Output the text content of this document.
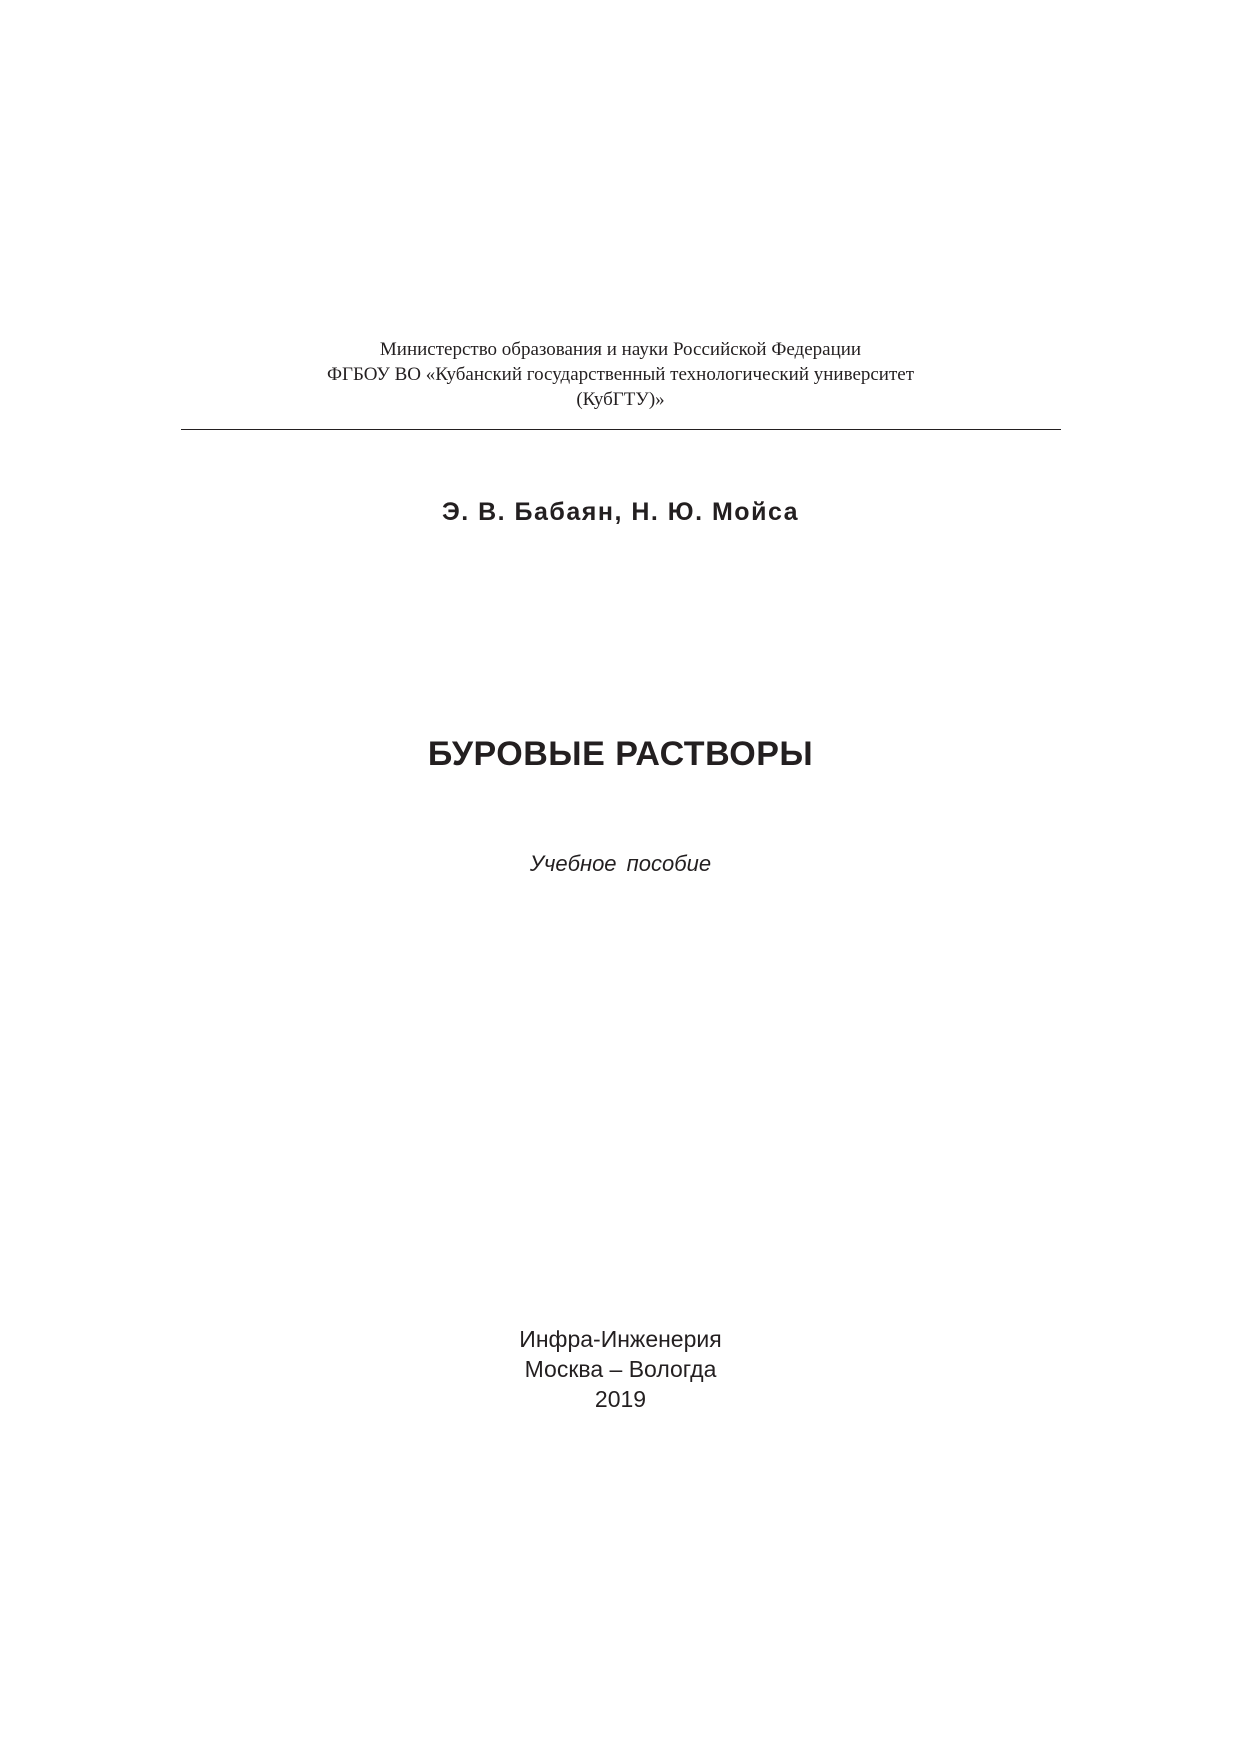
Министерство образования и науки Российской Федерации
ФГБОУ ВО «Кубанский государственный технологический университет
(КубГТУ)»
Э. В. Бабаян, Н. Ю. Мойса
БУРОВЫЕ РАСТВОРЫ
Учебное пособие
Инфра-Инженерия
Москва – Вологда
2019
